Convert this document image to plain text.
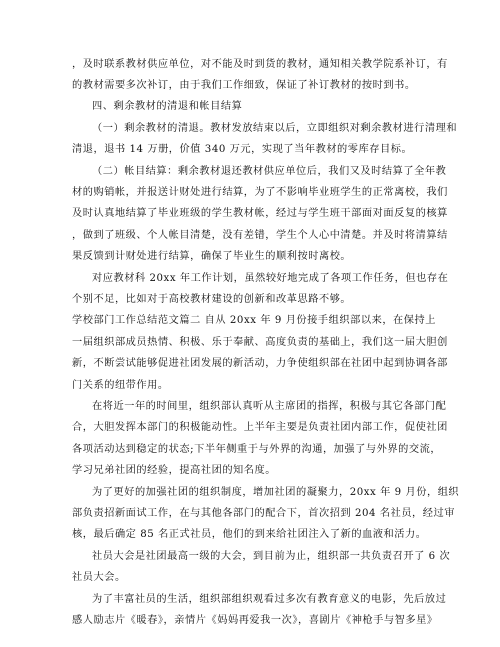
，及时联系教材供应单位，对不能及时到货的教材，通知相关教学院系补订，有
的教材需要多次补订，由于我们工作细致，保证了补订教材的按时到书。
四、剩余教材的清退和帐目结算
（一）剩余教材的清退。教材发放结束以后，立即组织对剩余教材进行清理和
清退，退书 14 万册，价值 340 万元，实现了当年教材的零库存目标。
（二）帐目结算：剩余教材退还教材供应单位后，我们又及时结算了全年教
材的购销帐，并报送计财处进行结算，为了不影响毕业班学生的正常离校，我们
及时认真地结算了毕业班级的学生教材帐，经过与学生班干部面对面反复的核算
，做到了班级、个人帐目清楚，没有差错，学生个人心中清楚。并及时将清算结
果反馈到计财处进行结算，确保了毕业生的顺利按时离校。
对应教材科 20xx 年工作计划，虽然较好地完成了各项工作任务，但也存在
个别不足，比如对于高校教材建设的创新和改革思路不够。
学校部门工作总结范文篇二 自从 20xx 年 9 月份接手组织部以来，在保持上
一届组织部成员热情、积极、乐于奉献、高度负责的基础上，我们这一届大胆创
新，不断尝试能够促进社团发展的新活动，力争使组织部在社团中起到协调各部
门关系的纽带作用。
在将近一年的时间里，组织部认真听从主席团的指挥，积极与其它各部门配
合，大胆发挥本部门的积极能动性。上半年主要是负责社团内部工作，促使社团
各项活动达到稳定的状态;下半年侧重于与外界的沟通，加强了与外界的交流，
学习兄弟社团的经验，提高社团的知名度。
为了更好的加强社团的组织制度，增加社团的凝聚力，20xx 年 9 月份，组织
部负责招新面试工作，在与其他各部门的配合下，首次招到 204 名社员，经过审
核，最后确定 85 名正式社员，他们的到来给社团注入了新的血液和活力。
社员大会是社团最高一级的大会，到目前为止，组织部一共负责召开了 6 次
社员大会。
为了丰富社员的生活，组织部组织观看过多次有教育意义的电影，先后放过
感人励志片《暖春》，亲情片《妈妈再爱我一次》，喜剧片《神枪手与智多星》
